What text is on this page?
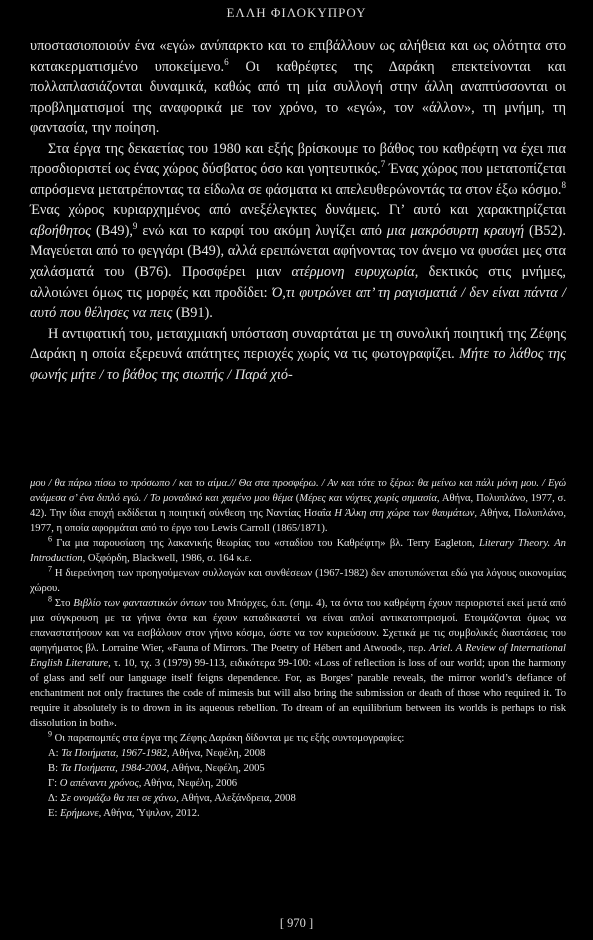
ΕΛΛΗ ΦΙΛΟΚΥΠΡΟΥ

υποστασιοποιούν ένα «εγώ» ανύπαρκτο και το επιβάλλουν ως αλήθεια και ως ολότητα στο κατακερματισμένο υποκείμενο.$^6$ Οι καθρέφτες της Δαράκη επεκτείνονται και πολλαπλασιάζονται δυναμικά, καθώς από τη μία συλλογή στην άλλη αναπτύσσονται οι προβληματισμοί της αναφορικά με τον χρόνο, το «εγώ», τον «άλλον», τη μνήμη, τη φαντασία, την ποίηση.

Στα έργα της δεκαετίας του 1980 και εξής βρίσκουμε το βάθος του καθρέφτη να έχει πια προσδιοριστεί ως ένας χώρος δύσβατος όσο και γοητευτικός.$^7$ Ένας χώρος που μετατοπίζεται απρόσμενα μετατρέποντας τα είδωλα σε φάσματα κι απελευθερώνοντάς τα στον έξω κόσμο.$^8$ Ένας χώρος κυριαρχημένος από ανεξέλεγκτες δυνάμεις. Γι’ αυτό και χαρακτηρίζεται αβοήθητος (B49),$^9$ ενώ και το καρφί του ακόμη λυγίζει από μια μακρόσυρτη κραυγή (B52). Μαγεύεται από το φεγγάρι (B49), αλλά ερειπώνεται αφήνοντας τον άνεμο να φυσάει μες στα χαλάσματά του (B76). Προσφέρει μιαν ατέρμονη ευρυχωρία, δεκτικός στις μνήμες, αλλοιώνει όμως τις μορφές και προδίδει: Ό,τι φυτρώνει απ’ τη ραγισματιά / δεν είναι πάντα / αυτό που θέλησες να πεις (B91).

Η αντιφατική του, μεταιχμιακή υπόσταση συναρτάται με τη συνολική ποιητική της Ζέφης Δαράκη η οποία εξερευνά απάτητες περιοχές χωρίς να τις φωτογραφίζει. Μήτε το λάθος της φωνής μήτε / το βάθος της σιωπής / Παρά χιό-

μου / θα πάρω πίσω το πρόσωπο / και το αίμα.// Θα στα προσφέρω. / Αν και τότε το ξέρω: θα μείνω και πάλι μόνη μου. / Εγώ ανάμεσα σ’ ένα διπλό εγώ. / Το μοναδικό και χαμένο μου θέμα (Μέρες και νύχτες χωρίς σημασία, Αθήνα, Πολυπλάνο, 1977, σ. 42). Την ίδια εποχή εκδίδεται η ποιητική σύνθεση της Ναντίας Ησαΐα Η Άλκη στη χώρα των θαυμάτων, Αθήνα, Πολυπλάνο, 1977, η οποία αφορμάται από το έργο του Lewis Carroll (1865/1871).

$^6$ Για μια παρουσίαση της λακανικής θεωρίας του «σταδίου του Καθρέφτη» βλ. Terry Eagleton, Literary Theory. An Introduction, Οξφόρδη, Blackwell, 1986, σ. 164 κ.ε.

$^7$ Η διερεύνηση των προηγούμενων συλλογών και συνθέσεων (1967-1982) δεν αποτυπώνεται εδώ για λόγους οικονομίας χώρου.

$^8$ Στο Βιβλίο των φανταστικών όντων του Μπόρχες, ό.π. (σημ. 4), τα όντα του καθρέφτη έχουν περιοριστεί εκεί μετά από μια σύγκρουση με τα γήινα όντα και έχουν καταδικαστεί να είναι απλοί αντικατοπτρισμοί. Ετοιμάζονται όμως να επαναστατήσουν και να εισβάλουν στον γήινο κόσμο, ώστε να τον κυριεύσουν. Σχετικά με τις συμβολικές διαστάσεις του αφηγήματος βλ. Lorraine Wier, «Fauna of Mirrors. The Poetry of Hébert and Atwood», περ. Ariel. A Review of International English Literature, τ. 10, τχ. 3 (1979) 99-113, ειδικότερα 99-100: «Loss of reflection is loss of our world; upon the harmony of glass and self our language itself feigns dependence. For, as Borges’ parable reveals, the mirror world’s defiance of enchantment not only fractures the code of mimesis but will also bring the submission or death of those who required it. To require it absolutely is to drown in its aqueous rebellion. To dream of an equilibrium between its worlds is perhaps to risk dissolution in both».

$^9$ Οι παραπομπές στα έργα της Ζέφης Δαράκη δίδονται με τις εξής συντομογραφίες:

Α: Τα Ποιήματα, 1967-1982, Αθήνα, Νεφέλη, 2008

Β: Τα Ποιήματα, 1984-2004, Αθήνα, Νεφέλη, 2005

Γ: Ο απέναντι χρόνος, Αθήνα, Νεφέλη, 2006

Δ: Σε ονομάζω θα πει σε χάνω, Αθήνα, Αλεξάνδρεια, 2008

Ε: Ερήμωνε, Αθήνα, Ύψιλον, 2012.

[ 970 ]
